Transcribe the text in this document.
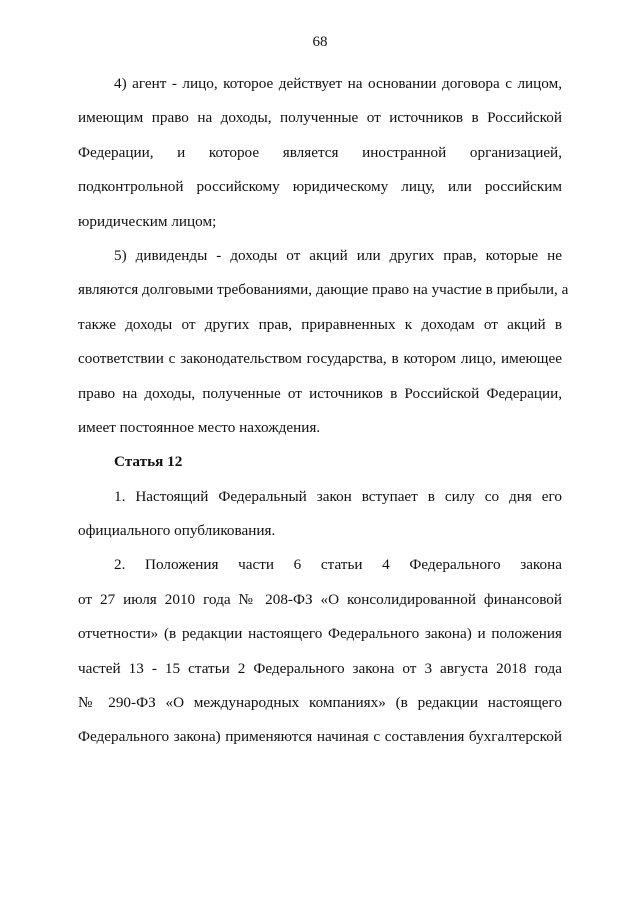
68
4) агент - лицо, которое действует на основании договора с лицом,
имеющим право на доходы, полученные от источников в Российской
Федерации, и которое является иностранной организацией,
подконтрольной российскому юридическому лицу, или российским
юридическим лицом;
5) дивиденды - доходы от акций или других прав, которые не
являются долговыми требованиями, дающие право на участие в прибыли, а
также доходы от других прав, приравненных к доходам от акций в
соответствии с законодательством государства, в котором лицо, имеющее
право на доходы, полученные от источников в Российской Федерации,
имеет постоянное место нахождения.
Статья 12
1. Настоящий Федеральный закон вступает в силу со дня его
официального опубликования.
2. Положения части 6 статьи 4 Федерального закона
от 27 июля 2010 года № 208-ФЗ «О консолидированной финансовой
отчетности» (в редакции настоящего Федерального закона) и положения
частей 13 - 15 статьи 2 Федерального закона от 3 августа 2018 года
№ 290-ФЗ «О международных компаниях» (в редакции настоящего
Федерального закона) применяются начиная с составления бухгалтерской
